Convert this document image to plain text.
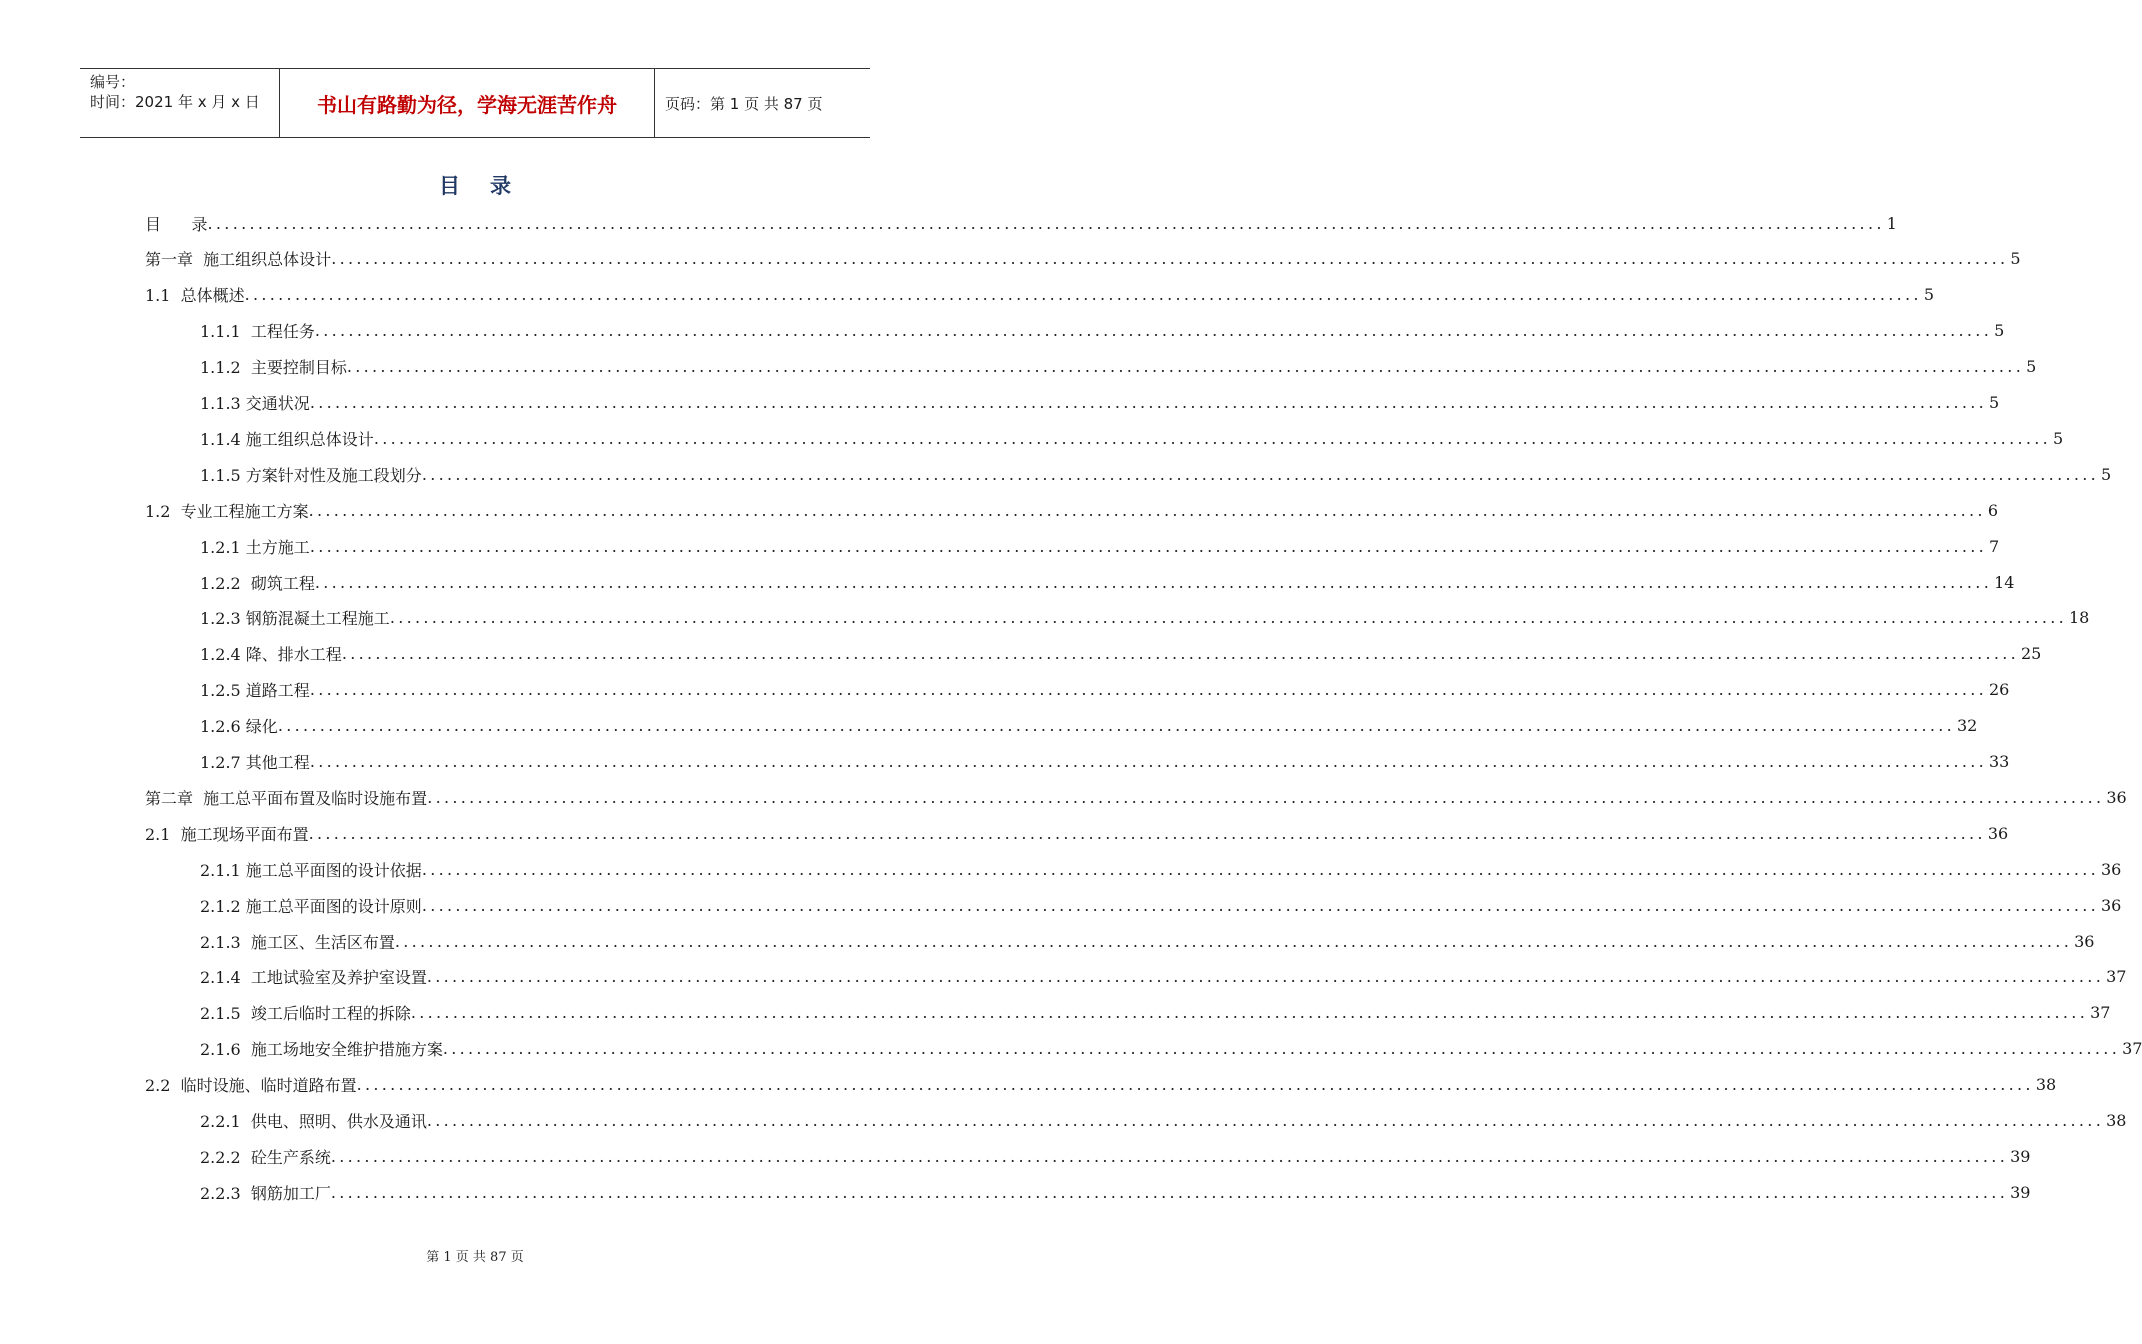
编号：
时间：2021 年 x 月 x 日	书山有路勤为径，学海无涯苦作舟	页码：第 1 页 共 87 页
目录
目      录 ........................................................................................................................................................................................................ 1
第一章  施工组织总体设计 ........................................................................................................................................................................................................ 5
1.1  总体概述 ........................................................................................................................................................................................................ 5
1.1.1  工程任务 ........................................................................................................................................................................................................ 5
1.1.2  主要控制目标 ........................................................................................................................................................................................................ 5
1.1.3 交通状况 ........................................................................................................................................................................................................ 5
1.1.4 施工组织总体设计 ........................................................................................................................................................................................................ 5
1.1.5 方案针对性及施工段划分 ........................................................................................................................................................................................................ 5
1.2  专业工程施工方案 ........................................................................................................................................................................................................ 6
1.2.1 土方施工 ........................................................................................................................................................................................................ 7
1.2.2  砌筑工程 ........................................................................................................................................................................................................ 14
1.2.3 钢筋混凝土工程施工 ........................................................................................................................................................................................................ 18
1.2.4 降、排水工程 ........................................................................................................................................................................................................ 25
1.2.5 道路工程 ........................................................................................................................................................................................................ 26
1.2.6 绿化 ........................................................................................................................................................................................................ 32
1.2.7 其他工程 ........................................................................................................................................................................................................ 33
第二章  施工总平面布置及临时设施布置 ........................................................................................................................................................................................................ 36
2.1  施工现场平面布置 ........................................................................................................................................................................................................ 36
2.1.1 施工总平面图的设计依据 ........................................................................................................................................................................................................ 36
2.1.2 施工总平面图的设计原则 ........................................................................................................................................................................................................ 36
2.1.3  施工区、生活区布置 ........................................................................................................................................................................................................ 36
2.1.4  工地试验室及养护室设置 ........................................................................................................................................................................................................ 37
2.1.5  竣工后临时工程的拆除 ........................................................................................................................................................................................................ 37
2.1.6  施工场地安全维护措施方案 ........................................................................................................................................................................................................ 37
2.2  临时设施、临时道路布置 ........................................................................................................................................................................................................ 38
2.2.1  供电、照明、供水及通讯 ........................................................................................................................................................................................................ 38
2.2.2  砼生产系统 ........................................................................................................................................................................................................ 39
2.2.3  钢筋加工厂 ........................................................................................................................................................................................................ 39
第 1 页 共 87 页
